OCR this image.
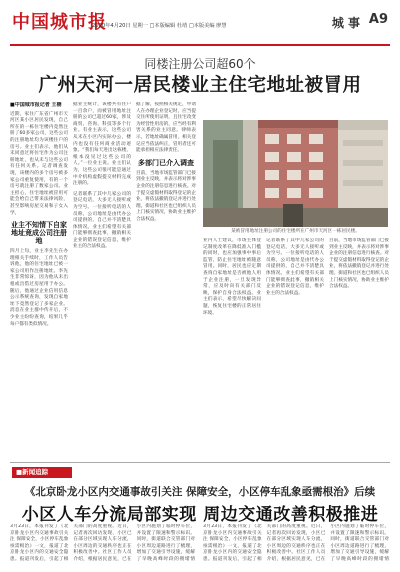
中国城市报
2020年4月20日 星期一 □本版编辑 杜靖 □本版美编 廖慧	城 事 A9
同楼注册公司超60个
广州天河一居民楼业主住宅地址被冒用
■中国城市报记者 王楠

近期，家住广东省广州市天河区某小区居民发现，自己所在的一栋住宅楼内竟然注册了60多家公司，这些公司的注册地址均为该楼住户的房号。业主们表示，他们从未同意过将住宅作为公司注册地址，也从未与这些公司有任何关系。记者调查发现，该楼内的多个房号被多家公司重复使用，有的一个房号就注册了数家公司。业主担心，住宅地址被冒用可能会给自己带来法律风险，甚至影响房屋交易和子女入学。

业主不知情下自家地址竟成公司注册地

四月上旬，业主李先生在办理相关手续时，工作人员告诉他，他的住宅地址已被一家公司用作注册地址。李先生非常惊讶，因为他从未出租或出借过房屋用于办公。随后，他通过企业信用信息公示系统查询，发现自家地址下竟然登记了多家企业。消息在业主群中传开后，不少业主纷纷查询，结果几乎每户都有类似情况。

据业主统计，该楼共有住户一百余户，而被冒用地址注册的公司已超过60家，涉及商贸、咨询、科技等多个行业。有业主表示，这些公司从未在小区内实际办公，楼内也没有任何商业活动迹象。“我们每天进出这栋楼，根本没见过这些公司的人。”一位业主说。业主们认为，这些公司很可能是通过中介机构虚假提交材料完成注册的。

记者联系了其中几家公司的登记电话，大多无人接听或为空号。一位接听电话的人员称，公司地址是由代办公司提供的，自己并不清楚具体情况。业主们希望有关部门能够彻查此事，撤销相关企业的错误登记信息，维护业主的合法权益。

据了解，按照相关规定，申请人在办理企业登记时，应当提交住所使用证明，且住宅改变为经营性用房的，应当经有利害关系的业主同意。律师表示，若地址确属冒用，相关登记应当依法纠正，冒用者还可能承担相应法律责任。

多部门已介入调查

目前，当地市场监管部门已接到业主反映，并表示将对涉事企业的注册信息进行核查。对于提交虚假材料取得登记的企业，将依法撤销登记并进行处理。街道和社区也已组织人员上门核实情况，协助业主维护合法权益。

某被冒用地址注册公司的住宅楼所在广州市天河区一栋居民楼。

业内人士建议，市场主体登记制度改革在降低准入门槛的同时，也应加强事中事后监管，防止住宅地址被随意冒用。同时，居民也应定期查询自家地址是否被他人用于企业注册，一旦发现异常，应及时向有关部门反映，保护自身合法权益。业主们表示，希望尽快解决问题，恢复住宅楼的正常居住环境。

记者联系了其中几家公司的登记电话，大多无人接听或为空号。一位接听电话的人员称，公司地址是由代办公司提供的，自己并不清楚具体情况。业主们希望有关部门能够彻查此事，撤销相关企业的错误登记信息，维护业主的合法权益。

目前，当地市场监管部门已接到业主反映，并表示将对涉事企业的注册信息进行核查。对于提交虚假材料取得登记的企业，将依法撤销登记并进行处理。街道和社区也已组织人员上门核实情况，协助业主维护合法权益。

■新闻追踪
《北京卧龙小区内交通事故引关注 保障安全，小区停车乱象亟需根治》后续
小区人车分流局部实现 周边交通改善积极推进

3月23日，本报刊发了《北京卧龙小区内交通事故引关注 保障安全，小区停车乱象亟需根治》一文，报道了北京卧龙小区内的交通安全隐患。报道刊发后，引起了相关部门的高度重视。近日，记者再次回访发现，小区已在部分区域实现人车分流，小区周边的交通秩序也正在积极改善中。社区工作人员介绍，根据居民意见，已在小区内施划了临时停车位，并设置了限速和警示标识。同时，街道联合交管部门对小区周边道路进行了梳理，增加了交通引导设施，缓解了早晚高峰时段的拥堵情

3月23日，本报刊发了《北京卧龙小区内交通事故引关注 保障安全，小区停车乱象亟需根治》一文，报道了北京卧龙小区内的交通安全隐患。报道刊发后，引起了相关部门的高度重视。近日，记者再次回访发现，小区已在部分区域实现人车分流，小区周边的交通秩序也正在积极改善中。社区工作人员介绍，根据居民意见，已在小区内施划了临时停车位，并设置了限速和警示标识。同时，街道联合交管部门对小区周边道路进行了梳理，增加了交通引导设施，缓解了早晚高峰时段的拥堵情
